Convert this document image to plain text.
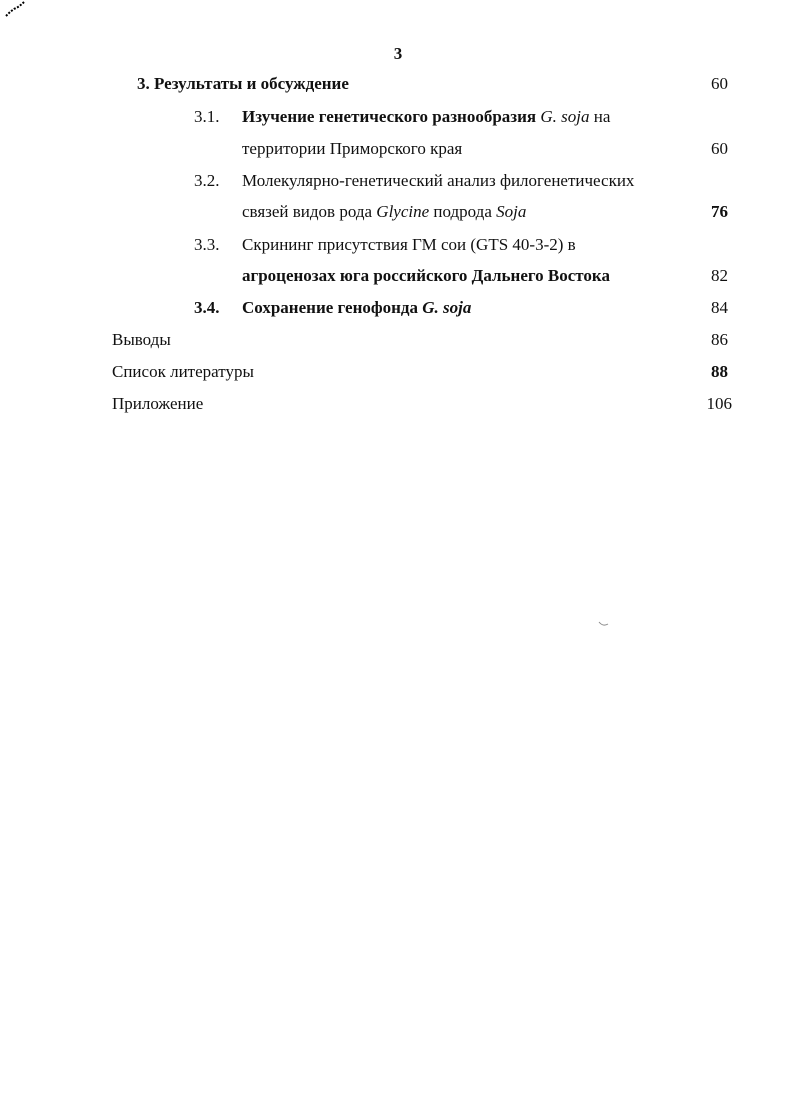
3
3. Результаты и обсуждение	60
3.1. Изучение генетического разнообразия G. soja на
территории Приморского края	60
3.2. Молекулярно-генетический анализ филогенетических
связей видов рода Glycine подрода Soja	76
3.3. Скрининг присутствия ГМ сои (GTS 40-3-2) в
агроценозах юга российского Дальнего Востока	82
3.4. Сохранение генофонда G. soja	84
Выводы	86
Список литературы	88
Приложение	106
